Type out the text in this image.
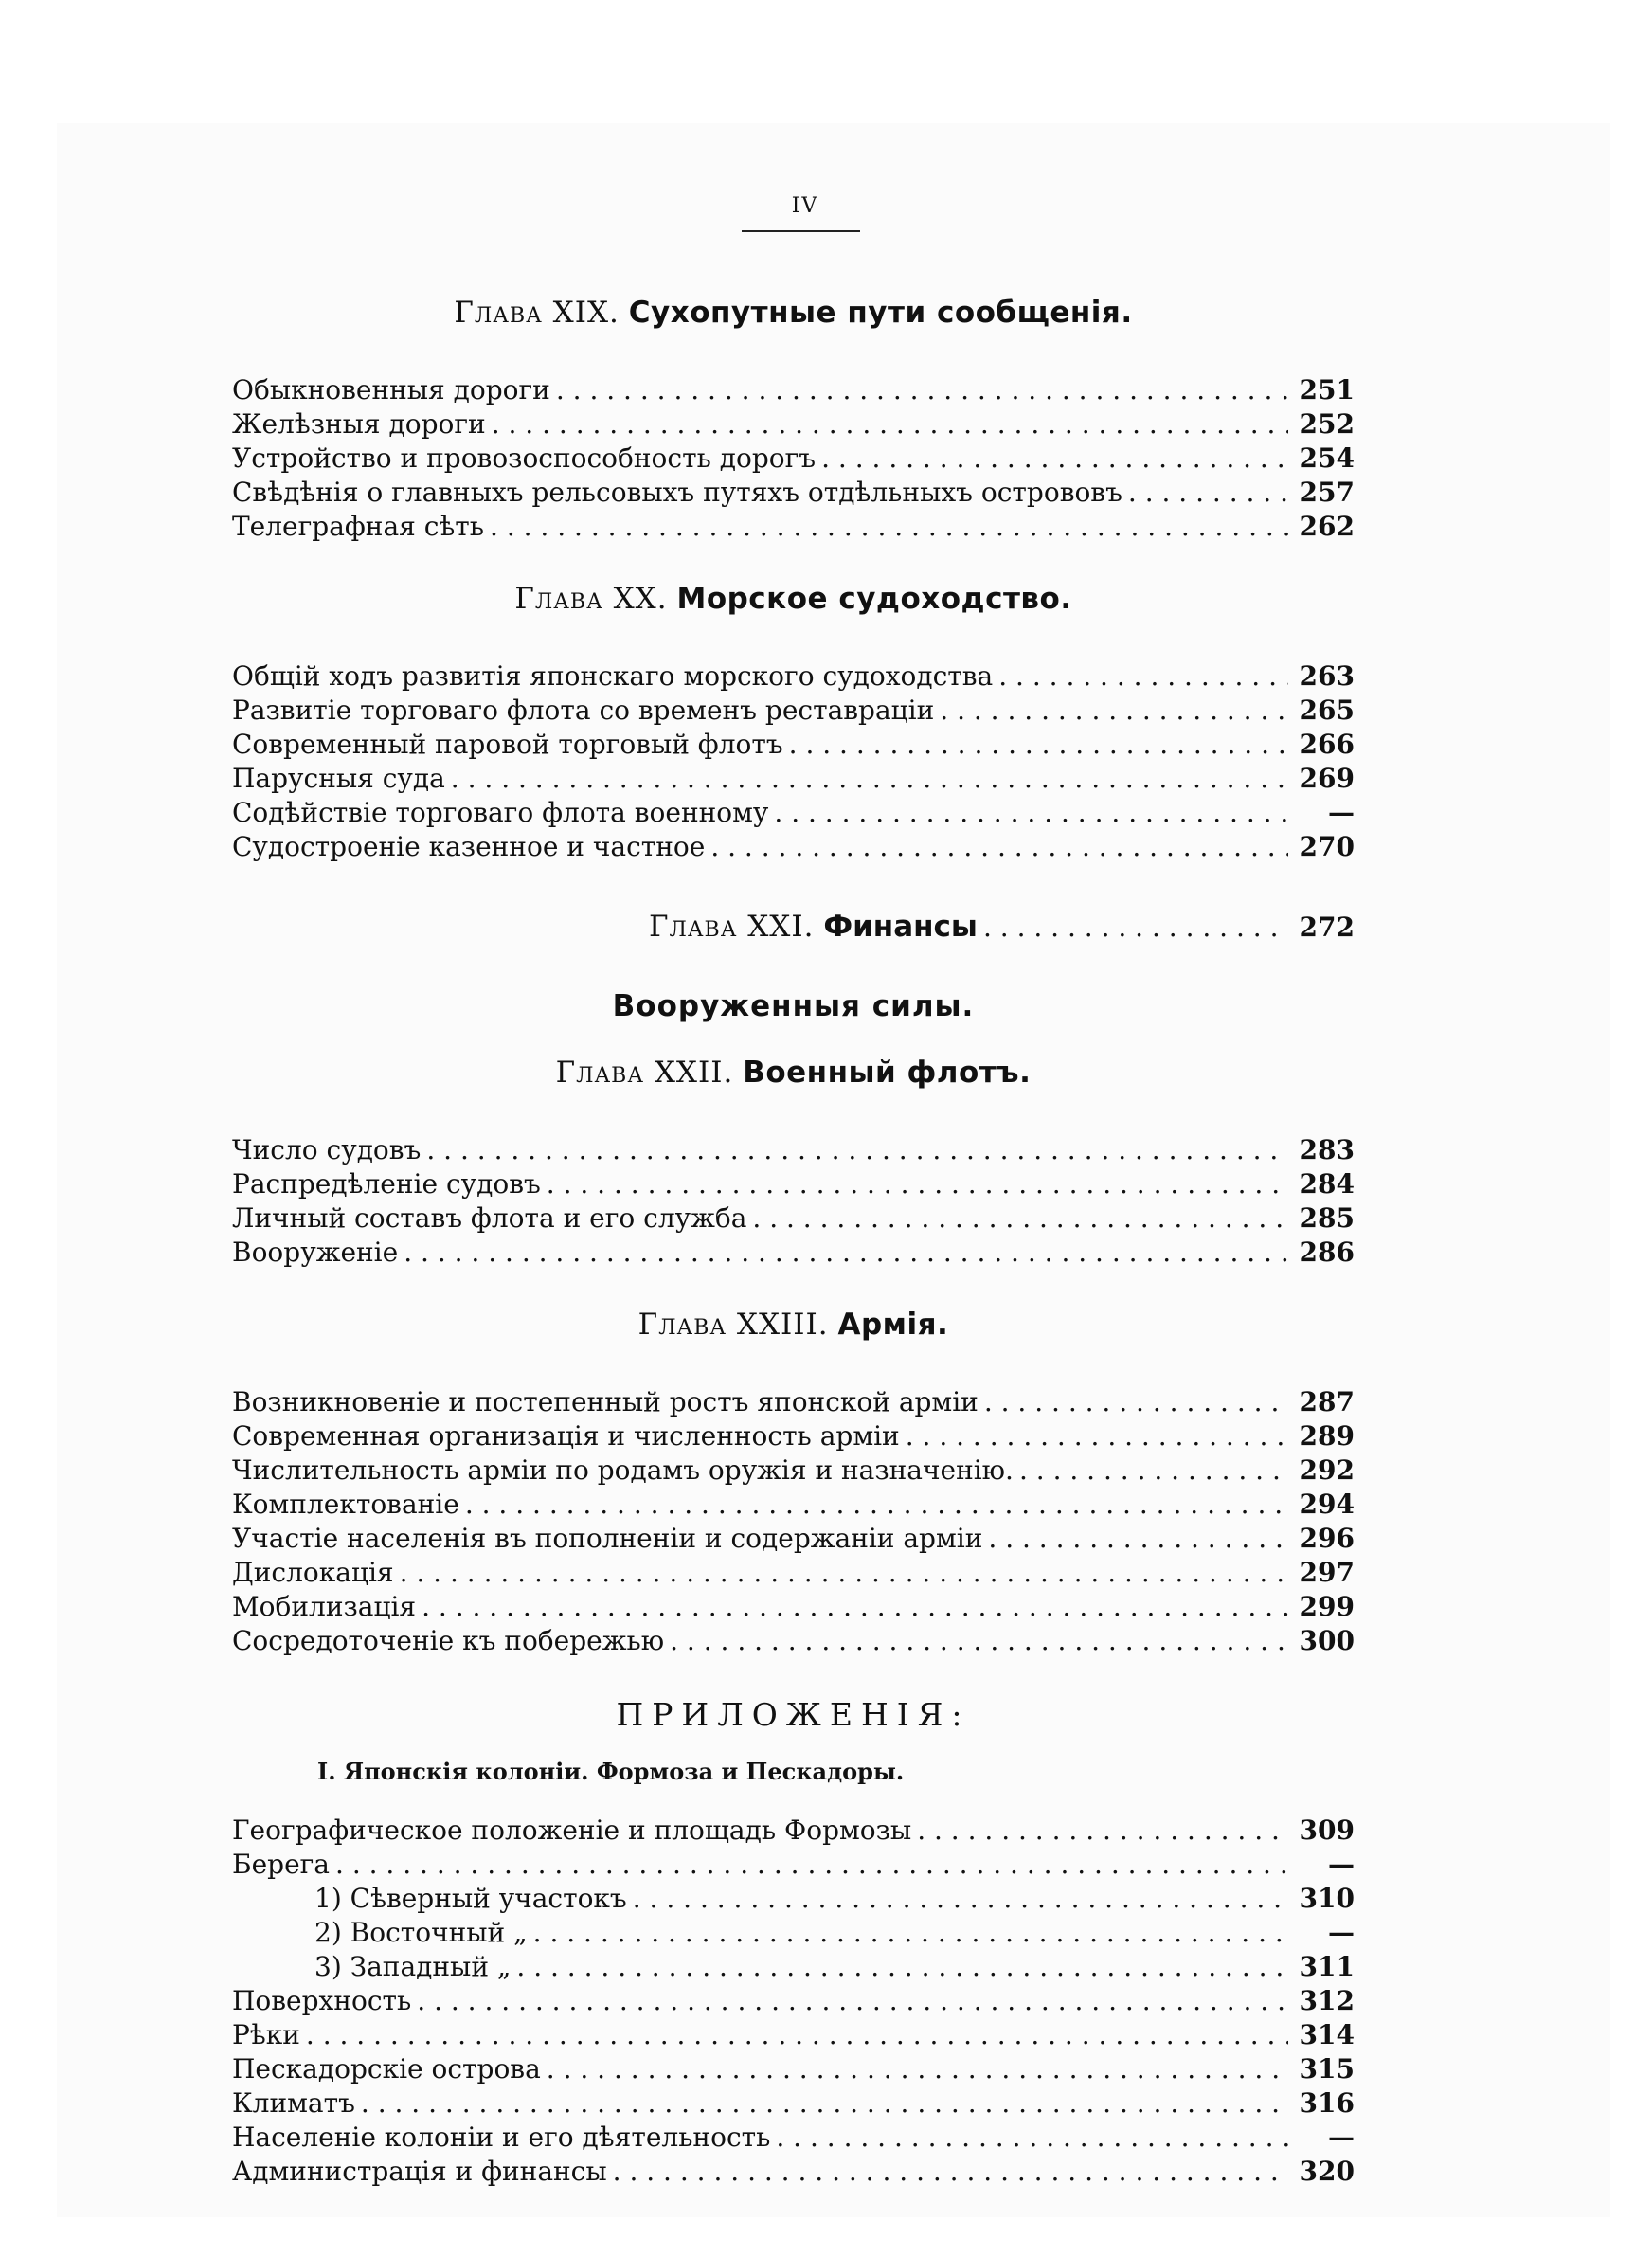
IV
Глава XIX. Сухопутные пути сообщенія.
Обыкновенныя дороги . . .	251
Желѣзныя дороги . . .	252
Устройство и провозоспособность дорогъ . . .	254
Свѣдѣнія о главныхъ рельсовыхъ путяхъ отдѣльныхъ острововъ . . .	257
Телеграфная сѣть . . .	262
Глава XX. Морское судоходство.
Общій ходъ развитія японскаго морского судоходства . . .	263
Развитіе торговаго флота со временъ реставраціи . . .	265
Современный паровой торговый флотъ . . .	266
Парусныя суда . . .	269
Содѣйствіе торговаго флота военному . . .	—
Судостроеніе казенное и частное . . .	270
Глава XXI. Финансы . . .	272
Вооруженныя силы.
Глава XXII. Военный флотъ.
Число судовъ . . .	283
Распредѣленіе судовъ . . .	284
Личный составъ флота и его служба . . .	285
Вооруженіе . . .	286
Глава XXIII. Армія.
Возникновеніе и постепенный ростъ японской арміи . . .	287
Современная организація и численность арміи . . .	289
Числительность арміи по родамъ оружія и назначенію. . . .	292
Комплектованіе . . .	294
Участіе населенія въ пополненіи и содержаніи арміи . . .	296
Дислокація . . .	297
Мобилизація . . .	299
Сосредоточеніе къ побережью . . .	300
ПРИЛОЖЕНІЯ:
I. Японскія колоніи. Формоза и Пескадоры.
Географическое положеніе и площадь Формозы . . .	309
Берега . . .	—
1) Сѣверный участокъ . . .	310
2) Восточный „ . . .	—
3) Западный „ . . .	311
Поверхность . . .	312
Рѣки . . .	314
Пескадорскіе острова . . .	315
Климатъ . . .	316
Населеніе колоніи и его дѣятельность . . .	—
Администрація и финансы . . .	320
